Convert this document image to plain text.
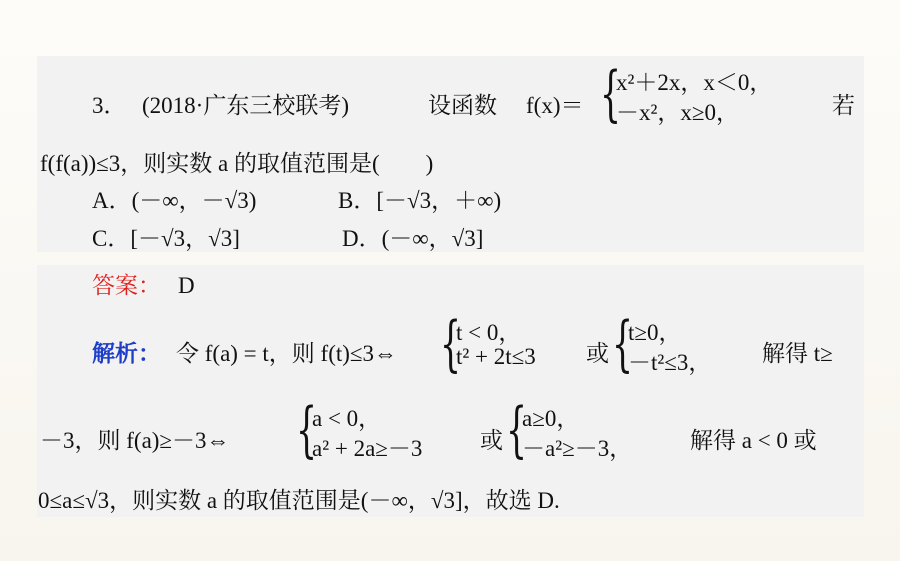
3． (2018·广东三校联考)	设函数 f(x)＝ {
x²＋2x，x＜0，
－x²，x≥0，	若
f(f(a))≤3，则实数 a 的取值范围是(　　)
A．(－∞，－√3)	B．[－√3，＋∞)
C．[－√3，√3]	D．(－∞，√3]
答案： D
解析： 令 f(a) = t，则 f(t)≤3⇔ {
t < 0，
t² + 2t≤3 或 {
t≥0，
－t²≤3， 解得 t≥
－3，则 f(a)≥－3⇔ {
a < 0，
a² + 2a≥－3	或 {
a≥0，
－a²≥－3，	解得 a < 0 或
0≤a≤√3，则实数 a 的取值范围是(－∞，√3]，故选 D.
